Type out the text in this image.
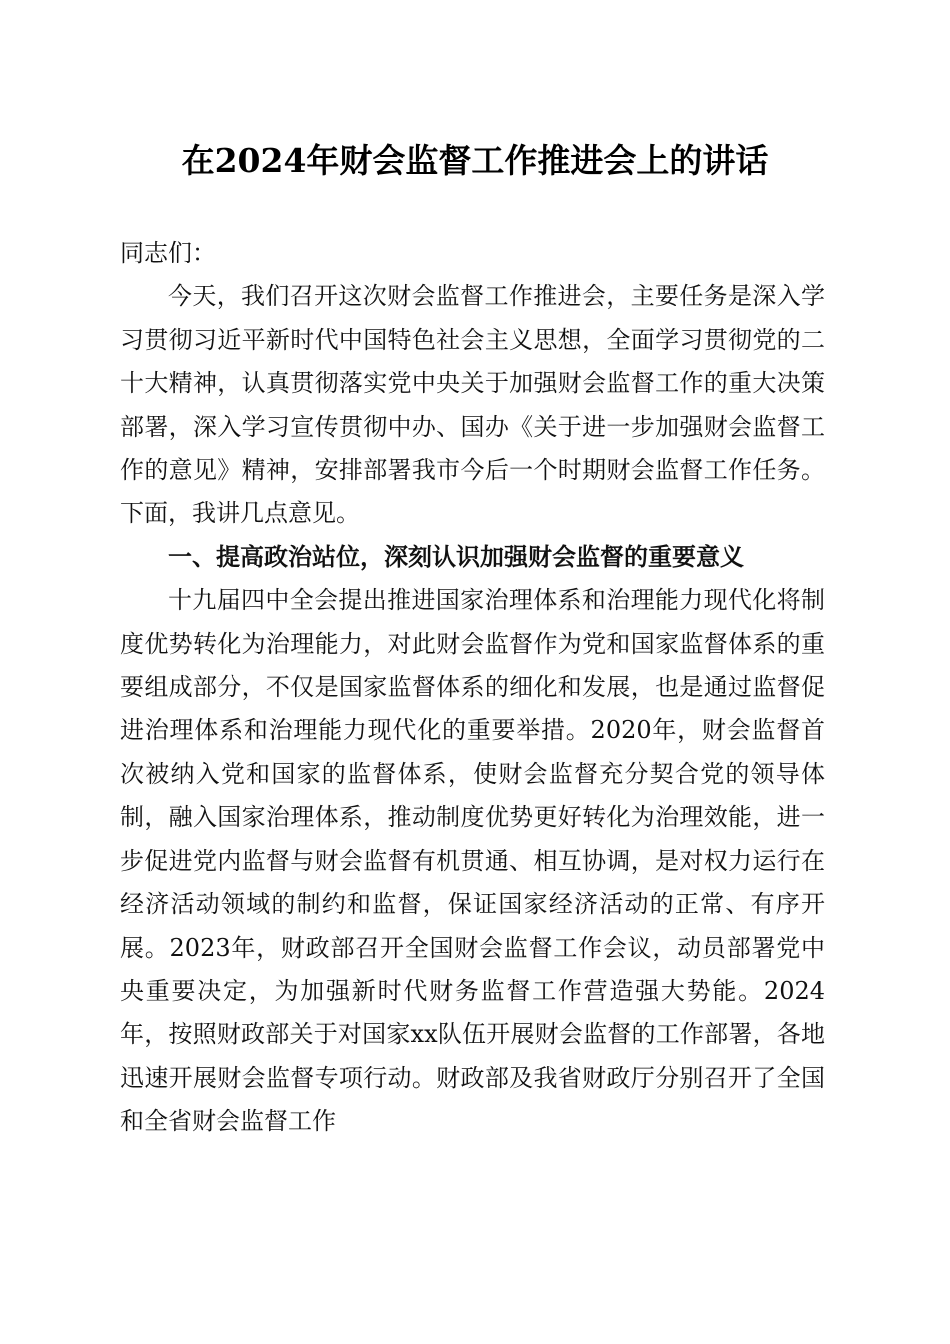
在2024年财会监督工作推进会上的讲话

同志们：

今天，我们召开这次财会监督工作推进会，主要任务是深入学习贯彻习近平新时代中国特色社会主义思想，全面学习贯彻党的二十大精神，认真贯彻落实党中央关于加强财会监督工作的重大决策部署，深入学习宣传贯彻中办、国办《关于进一步加强财会监督工作的意见》精神，安排部署我市今后一个时期财会监督工作任务。下面，我讲几点意见。

一、提高政治站位，深刻认识加强财会监督的重要意义

十九届四中全会提出推进国家治理体系和治理能力现代化将制度优势转化为治理能力，对此财会监督作为党和国家监督体系的重要组成部分，不仅是国家监督体系的细化和发展，也是通过监督促进治理体系和治理能力现代化的重要举措。2020年，财会监督首次被纳入党和国家的监督体系，使财会监督充分契合党的领导体制，融入国家治理体系，推动制度优势更好转化为治理效能，进一步促进党内监督与财会监督有机贯通、相互协调，是对权力运行在经济活动领域的制约和监督，保证国家经济活动的正常、有序开展。2023年，财政部召开全国财会监督工作会议，动员部署党中央重要决定，为加强新时代财务监督工作营造强大势能。2024年，按照财政部关于对国家xx队伍开展财会监督的工作部署，各地迅速开展财会监督专项行动。财政部及我省财政厅分别召开了全国和全省财会监督工作
